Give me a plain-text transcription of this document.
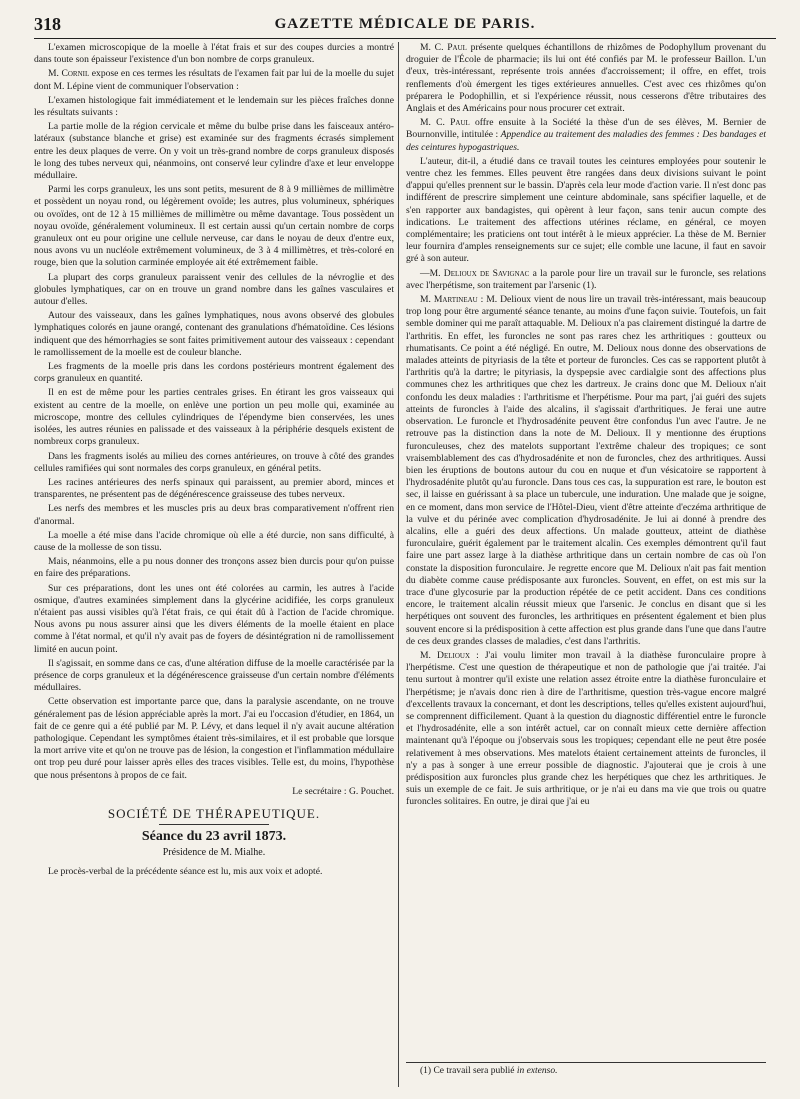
318	GAZETTE MÉDICALE DE PARIS.

L'examen microscopique de la moelle à l'état frais et sur des coupes durcies a montré dans toute son épaisseur l'existence d'un bon nombre de corps granuleux.

M. Cornil expose en ces termes les résultats de l'examen fait par lui de la moelle du sujet dont M. Lépine vient de communiquer l'observation :

L'examen histologique fait immédiatement et le lendemain sur les pièces fraîches donne les résultats suivants :

La partie molle de la région cervicale et même du bulbe prise dans les faisceaux antéro-latéraux (substance blanche et grise) est examinée sur des fragments écrasés simplement entre les deux plaques de verre. On y voit un très-grand nombre de corps granuleux disposés le long des tubes nerveux qui, néanmoins, ont conservé leur cylindre d'axe et leur enveloppe médullaire.

Parmi les corps granuleux, les uns sont petits, mesurent de 8 à 9 millièmes de millimètre et possèdent un noyau rond, ou légèrement ovoïde; les autres, plus volumineux, sphériques ou ovoïdes, ont de 12 à 15 millièmes de millimètre ou même davantage. Tous possèdent un noyau ovoïde, généralement volumineux. Il est certain aussi qu'un certain nombre de corps granuleux ont eu pour origine une cellule nerveuse, car dans le noyau de deux d'entre eux, nous avons vu un nucléole extrêmement volumineux, de 3 à 4 millimètres, et très-coloré en rouge, bien que la solution carminée employée ait été extrêmement faible.

La plupart des corps granuleux paraissent venir des cellules de la névroglie et des globules lymphatiques, car on en trouve un grand nombre dans les gaînes vasculaires et autour d'elles.

Autour des vaisseaux, dans les gaînes lymphatiques, nous avons observé des globules lymphatiques colorés en jaune orangé, contenant des granulations d'hématoïdine. Ces lésions indiquent que des hémorrhagies se sont faites primitivement autour des vaisseaux : cependant le ramollissement de la moelle est de couleur blanche.

Les fragments de la moelle pris dans les cordons postérieurs montrent également des corps granuleux en quantité.

Il en est de même pour les parties centrales grises. En étirant les gros vaisseaux qui existent au centre de la moelle, on enlève une portion un peu molle qui, examinée au microscope, montre des cellules cylindriques de l'épendyme bien conservées, les unes isolées, les autres réunies en palissade et des vaisseaux à la périphérie desquels existent de nombreux corps granuleux.

Dans les fragments isolés au milieu des cornes antérieures, on trouve à côté des grandes cellules ramifiées qui sont normales des corps granuleux, en général petits.

Les racines antérieures des nerfs spinaux qui paraissent, au premier abord, minces et transparentes, ne présentent pas de dégénérescence graisseuse des tubes nerveux.

Les nerfs des membres et les muscles pris au deux bras comparativement n'offrent rien d'anormal.

La moelle a été mise dans l'acide chromique où elle a été durcie, non sans difficulté, à cause de la mollesse de son tissu.

Mais, néanmoins, elle a pu nous donner des tronçons assez bien durcis pour qu'on puisse en faire des préparations.

Sur ces préparations, dont les unes ont été colorées au carmin, les autres à l'acide osmique, d'autres examinées simplement dans la glycérine acidifiée, les corps granuleux n'étaient pas aussi visibles qu'à l'état frais, ce qui était dû à l'action de l'acide chromique. Nous avons pu nous assurer ainsi que les divers éléments de la moelle étaient en place comme à l'état normal, et qu'il n'y avait pas de foyers de désintégration ni de ramollissement limité en aucun point.

Il s'agissait, en somme dans ce cas, d'une altération diffuse de la moelle caractérisée par la présence de corps granuleux et la dégénérescence graisseuse d'un certain nombre d'éléments médullaires.

Cette observation est importante parce que, dans la paralysie ascendante, on ne trouve généralement pas de lésion appréciable après la mort. J'ai eu l'occasion d'étudier, en 1864, un fait de ce genre qui a été publié par M. P. Lévy, et dans lequel il n'y avait aucune altération pathologique. Cependant les symptômes étaient très-similaires, et il est probable que lorsque la mort arrive vite et qu'on ne trouve pas de lésion, la congestion et l'inflammation médullaire ont trop peu duré pour laisser après elles des traces visibles. Telle est, du moins, l'hypothèse que nous présentons à propos de ce fait.

Le secrétaire : G. Pouchet.
SOCIÉTÉ DE THÉRAPEUTIQUE.
Séance du 23 avril 1873.
Présidence de M. Mialhe.

Le procès-verbal de la précédente séance est lu, mis aux voix et adopté.

M. C. Paul présente quelques échantillons de rhizômes de Podophyllum provenant du droguier de l'École de pharmacie; ils lui ont été confiés par M. le professeur Baillon. L'un d'eux, très-intéressant, représente trois années d'accroissement; il offre, en effet, trois renflements d'où émergent les tiges extérieures annuelles. C'est avec ces rhizômes qu'on préparera le Podophillin, et si l'expérience réussit, nous cesserons d'être tributaires des Anglais et des Américains pour nous procurer cet extrait.

M. C. Paul offre ensuite à la Société la thèse d'un de ses élèves, M. Bernier de Bournonville, intitulée : Appendice au traitement des maladies des femmes : Des bandages et des ceintures hypogastriques.

L'auteur, dit-il, a étudié dans ce travail toutes les ceintures employées pour soutenir le ventre chez les femmes. Elles peuvent être rangées dans deux divisions suivant le point d'appui qu'elles prennent sur le bassin. D'après cela leur mode d'action varie. Il n'est donc pas indifférent de prescrire simplement une ceinture abdominale, sans spécifier laquelle, et de s'en rapporter aux bandagistes, qui opèrent à leur façon, sans tenir aucun compte des indications. Le traitement des affections utérines réclame, en général, ce moyen complémentaire; les praticiens ont tout intérêt à le mieux apprécier. La thèse de M. Bernier leur fournira d'amples renseignements sur ce sujet; elle comble une lacune, il faut en savoir gré à son auteur.

—M. Delioux de Savignac a la parole pour lire un travail sur le furoncle, ses relations avec l'herpétisme, son traitement par l'arsenic (1).

M. Martineau : M. Delioux vient de nous lire un travail très-intéressant, mais beaucoup trop long pour être argumenté séance tenante, au moins d'une façon suivie. Toutefois, un fait semble dominer qui me paraît attaquable. M. Delioux n'a pas clairement distingué la dartre de l'arthritis. En effet, les furoncles ne sont pas rares chez les arthritiques : goutteux ou rhumatisants. Ce point a été négligé. En outre, M. Delioux nous donne des observations de malades atteints de pityriasis de la tête et porteur de furoncles. Ces cas se rapportent plutôt à l'arthritis qu'à la dartre; le pityriasis, la dyspepsie avec cardialgie sont des affections plus communes chez les arthritiques que chez les dartreux. Je crains donc que M. Delioux n'ait confondu les deux maladies : l'arthritisme et l'herpétisme. Pour ma part, j'ai guéri des sujets atteints de furoncles à l'aide des alcalins, il s'agissait d'arthritiques. Je ferai une autre observation. Le furoncle et l'hydrosadénite peuvent être confondus l'un avec l'autre. Je ne retrouve pas la distinction dans la note de M. Delioux. Il y mentionne des éruptions furonculeuses, chez des matelots supportant l'extrême chaleur des tropiques; ce sont vraisemblablement des cas d'hydrosadénite et non de furoncles, chez des arthritiques. Aussi bien les éruptions de boutons autour du cou en nuque et d'un vésicatoire se rapportent à l'hydrosadénite plutôt qu'au furoncle. Dans tous ces cas, la suppuration est rare, le bouton est sec, il laisse en guérissant à sa place un tubercule, une induration. Une malade que je soigne, en ce moment, dans mon service de l'Hôtel-Dieu, vient d'être atteinte d'eczéma arthritique de la vulve et du périnée avec complication d'hydrosadénite. Je lui ai donné à prendre des alcalins, elle a guéri des deux affections. Un malade goutteux, atteint de diathèse furonculaire, guérit également par le traitement alcalin. Ces exemples démontrent qu'il faut faire une part assez large à la diathèse arthritique dans un certain nombre de cas où l'on constate la disposition furonculaire. Je regrette encore que M. Delioux n'ait pas fait mention du diabète comme cause prédisposante aux furoncles. Souvent, en effet, on est mis sur la trace d'une glycosurie par la production répétée de ce petit accident. Dans ces conditions encore, le traitement alcalin réussit mieux que l'arsenic. Je conclus en disant que si les herpétiques ont souvent des furoncles, les arthritiques en présentent également et bien plus souvent encore si la prédisposition à cette affection est plus grande dans l'une que dans l'autre de ces deux grandes classes de maladies, c'est dans l'arthritis.

M. Delioux : J'ai voulu limiter mon travail à la diathèse furonculaire propre à l'herpétisme. C'est une question de thérapeutique et non de pathologie que j'ai traitée. J'ai tenu surtout à montrer qu'il existe une relation assez étroite entre la diathèse furonculaire et l'herpétisme; je n'avais donc rien à dire de l'arthritisme, question très-vague encore malgré d'excellents travaux la concernant, et dont les descriptions, telles qu'elles existent aujourd'hui, se comprennent difficilement. Quant à la question du diagnostic différentiel entre le furoncle et l'hydrosadénite, elle a son intérêt actuel, car on connaît mieux cette dernière affection maintenant qu'à l'époque ou j'observais sous les tropiques; cependant elle ne peut être posée relativement à mes observations. Mes matelots étaient certainement atteints de furoncles, il n'y a pas à songer à une erreur possible de diagnostic. J'ajouterai que je crois à une prédisposition aux furoncles plus grande chez les herpétiques que chez les arthritiques. Je suis un exemple de ce fait. Je suis arthritique, or je n'ai eu dans ma vie que trois ou quatre furoncles solitaires. En outre, je dirai que j'ai eu

(1) Ce travail sera publié in extenso.
